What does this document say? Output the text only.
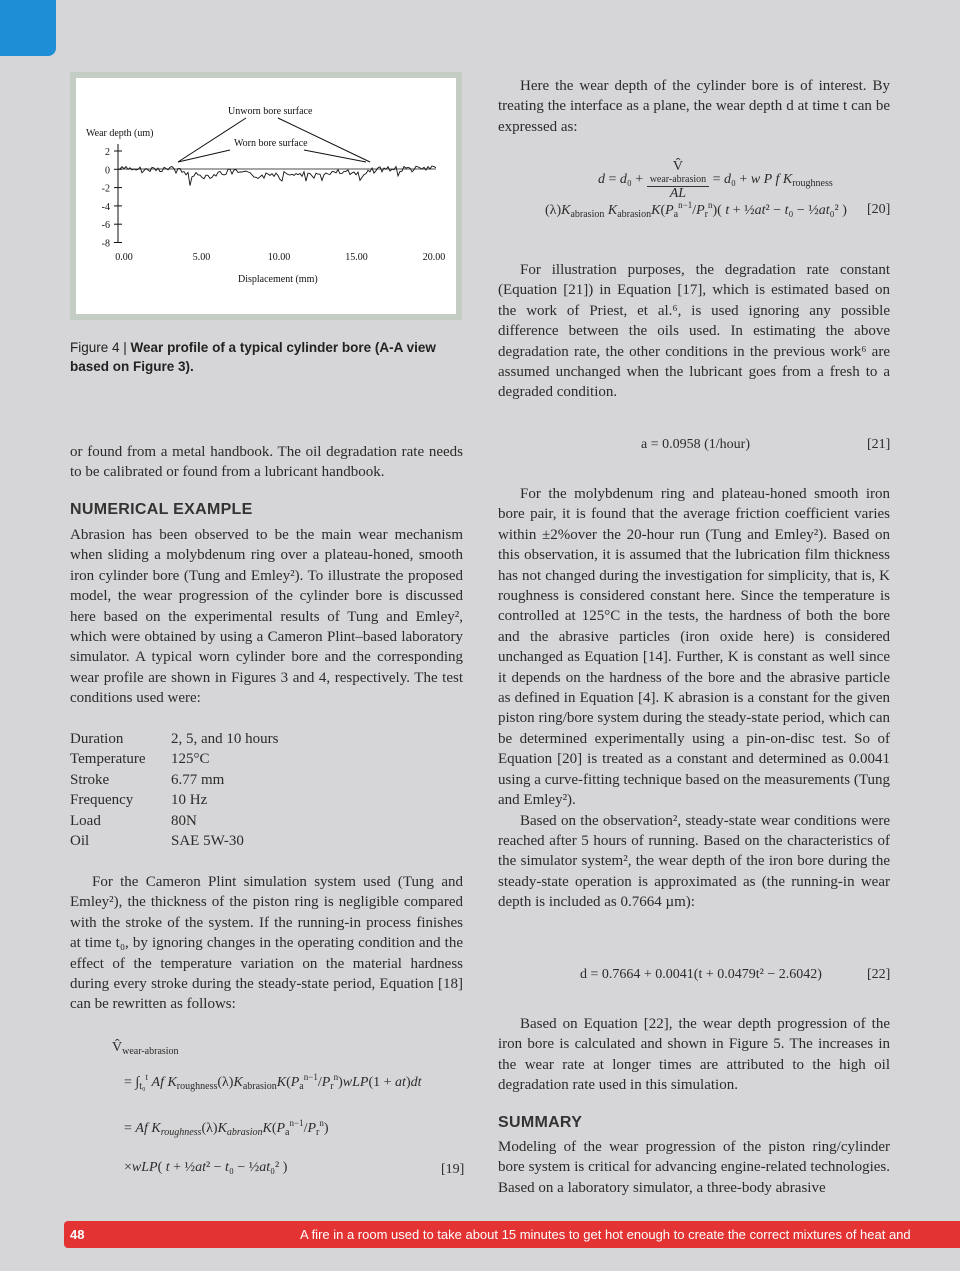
Unworn bore surface
Worn bore surface
Wear depth (um)
2
0
-2
-4
-6
-8
0.00	5.00	10.00	15.00	20.00
Displacement (mm)
Figure 4 | Wear profile of a typical cylinder bore (A-A view based on Figure 3).

or found from a metal handbook. The oil degradation rate needs to be calibrated or found from a lubricant handbook.

NUMERICAL EXAMPLE

Abrasion has been observed to be the main wear mechanism when sliding a molybdenum ring over a plateau-honed, smooth iron cylinder bore (Tung and Emley²). To illustrate the proposed model, the wear progression of the cylinder bore is discussed here based on the experimental results of Tung and Emley², which were obtained by using a Cameron Plint–based laboratory simulator. A typical worn cylinder bore and the corresponding wear profile are shown in Figures 3 and 4, respectively. The test conditions used were:

Duration	2, 5, and 10 hours
Temperature	125°C
Stroke	6.77 mm
Frequency	10 Hz
Load	80N
Oil	SAE 5W-30

For the Cameron Plint simulation system used (Tung and Emley²), the thickness of the piston ring is negligible compared with the stroke of the system. If the running-in process finishes at time t₀, by ignoring changes in the operating condition and the effect of the temperature variation on the material hardness during every stroke during the steady-state period, Equation [18] can be rewritten as follows:

$V̂_{wear-abrasion}$
= $\int_{t_0}^t$ Af $K_{roughness}(\lambda)K_{abrasion}K(P_a^{n-1}/P_r^n)wLP(1 + at)dt$
= Af $K_{roughness}(\lambda)K_{abrasion}K(P_a^{n-1}/P_r^n)$
×wLP( t + ½at² − t₀ − ½at₀² )	[19]

Here the wear depth of the cylinder bore is of interest. By treating the interface as a plane, the wear depth d at time t can be expressed as:

d = d₀ + V̂
wear-abrasion
AL = d₀ + w P f $K_{roughness}$
$(\lambda)K_{abrasion}$ $K_{abrasion}K(P_a^{n-1}/P_r^n)$( t + ½at² − t₀ − ½at₀² ) [20]

For illustration purposes, the degradation rate constant (Equation [21]) in Equation [17], which is estimated based on the work of Priest, et al.⁶, is used ignoring any possible difference between the oils used. In estimating the above degradation rate, the other conditions in the previous work⁶ are assumed unchanged when the lubricant goes from a fresh to a degraded condition.

a = 0.0958 (1/hour)	[21]

For the molybdenum ring and plateau-honed smooth iron bore pair, it is found that the average friction coefficient varies within ±2%over the 20-hour run (Tung and Emley²). Based on this observation, it is assumed that the lubrication film thickness has not changed during the investigation for simplicity, that is, K roughness is considered constant here. Since the temperature is controlled at 125°C in the tests, the hardness of both the bore and the abrasive particles (iron oxide here) is considered unchanged as Equation [14]. Further, K is constant as well since it depends on the hardness of the bore and the abrasive particle as defined in Equation [4]. K abrasion is a constant for the given piston ring/bore system during the steady-state period, which can be determined experimentally using a pin-on-disc test. So of Equation [20] is treated as a constant and determined as 0.0041 using a curve-fitting technique based on the measurements (Tung and Emley²).

Based on the observation², steady-state wear conditions were reached after 5 hours of running. Based on the characteristics of the simulator system², the wear depth of the iron bore during the steady-state operation is approximated as (the running-in wear depth is included as 0.7664 µm):

d = 0.7664 + 0.0041(t + 0.0479t² − 2.6042)	[22]

Based on Equation [22], the wear depth progression of the iron bore is calculated and shown in Figure 5. The increases in the wear rate at longer times are attributed to the high oil degradation rate used in this simulation.

SUMMARY

Modeling of the wear progression of the piston ring/cylinder bore system is critical for advancing engine-related technologies. Based on a laboratory simulator, a three-body abrasive

48	A fire in a room used to take about 15 minutes to get hot enough to create the correct mixtures of heat and
